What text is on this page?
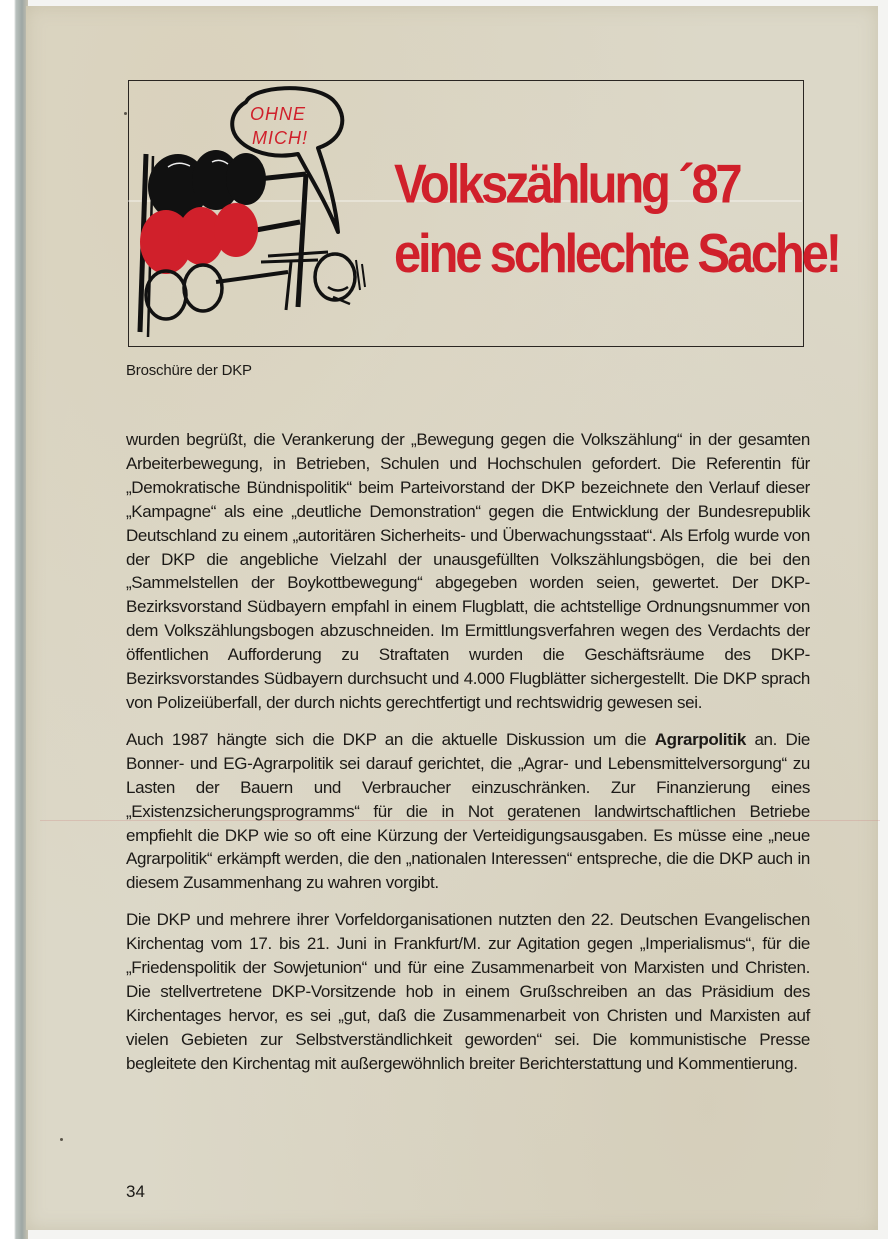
OHNE
MICH!
Volkszählung ´87
eine schlechte Sache!
Broschüre der DKP

wurden begrüßt, die Verankerung der „Bewegung gegen die Volkszählung“ in der gesamten Arbeiterbewegung, in Betrieben, Schulen und Hochschulen gefordert. Die Referentin für „Demokratische Bündnispolitik“ beim Parteivorstand der DKP bezeichnete den Verlauf dieser „Kampagne“ als eine „deutliche Demonstration“ gegen die Entwicklung der Bundesrepublik Deutschland zu einem „autoritären Sicherheits- und Überwachungsstaat“. Als Erfolg wurde von der DKP die angebliche Vielzahl der unausgefüllten Volkszählungsbögen, die bei den „Sammelstellen der Boykottbewegung“ abgegeben worden seien, gewertet. Der DKP-Bezirksvorstand Südbayern empfahl in einem Flugblatt, die achtstellige Ordnungsnummer von dem Volkszählungsbogen abzuschneiden. Im Ermittlungsverfahren wegen des Verdachts der öffentlichen Aufforderung zu Straftaten wurden die Geschäftsräume des DKP-Bezirksvorstandes Südbayern durchsucht und 4.000 Flugblätter sichergestellt. Die DKP sprach von Polizeiüberfall, der durch nichts gerechtfertigt und rechtswidrig gewesen sei.

Auch 1987 hängte sich die DKP an die aktuelle Diskussion um die Agrarpolitik an. Die Bonner- und EG-Agrarpolitik sei darauf gerichtet, die „Agrar- und Lebensmittelversorgung“ zu Lasten der Bauern und Verbraucher einzuschränken. Zur Finanzierung eines „Existenzsicherungsprogramms“ für die in Not geratenen landwirtschaftlichen Betriebe empfiehlt die DKP wie so oft eine Kürzung der Verteidigungsausgaben. Es müsse eine „neue Agrarpolitik“ erkämpft werden, die den „nationalen Interessen“ entspreche, die die DKP auch in diesem Zusammenhang zu wahren vorgibt.

Die DKP und mehrere ihrer Vorfeldorganisationen nutzten den 22. Deutschen Evangelischen Kirchentag vom 17. bis 21. Juni in Frankfurt/M. zur Agitation gegen „Imperialismus“, für die „Friedenspolitik der Sowjetunion“ und für eine Zusammenarbeit von Marxisten und Christen. Die stellvertretene DKP-Vorsitzende hob in einem Grußschreiben an das Präsidium des Kirchentages hervor, es sei „gut, daß die Zusammenarbeit von Christen und Marxisten auf vielen Gebieten zur Selbstverständlichkeit geworden“ sei. Die kommunistische Presse begleitete den Kirchentag mit außergewöhnlich breiter Berichterstattung und Kommentierung.

34
